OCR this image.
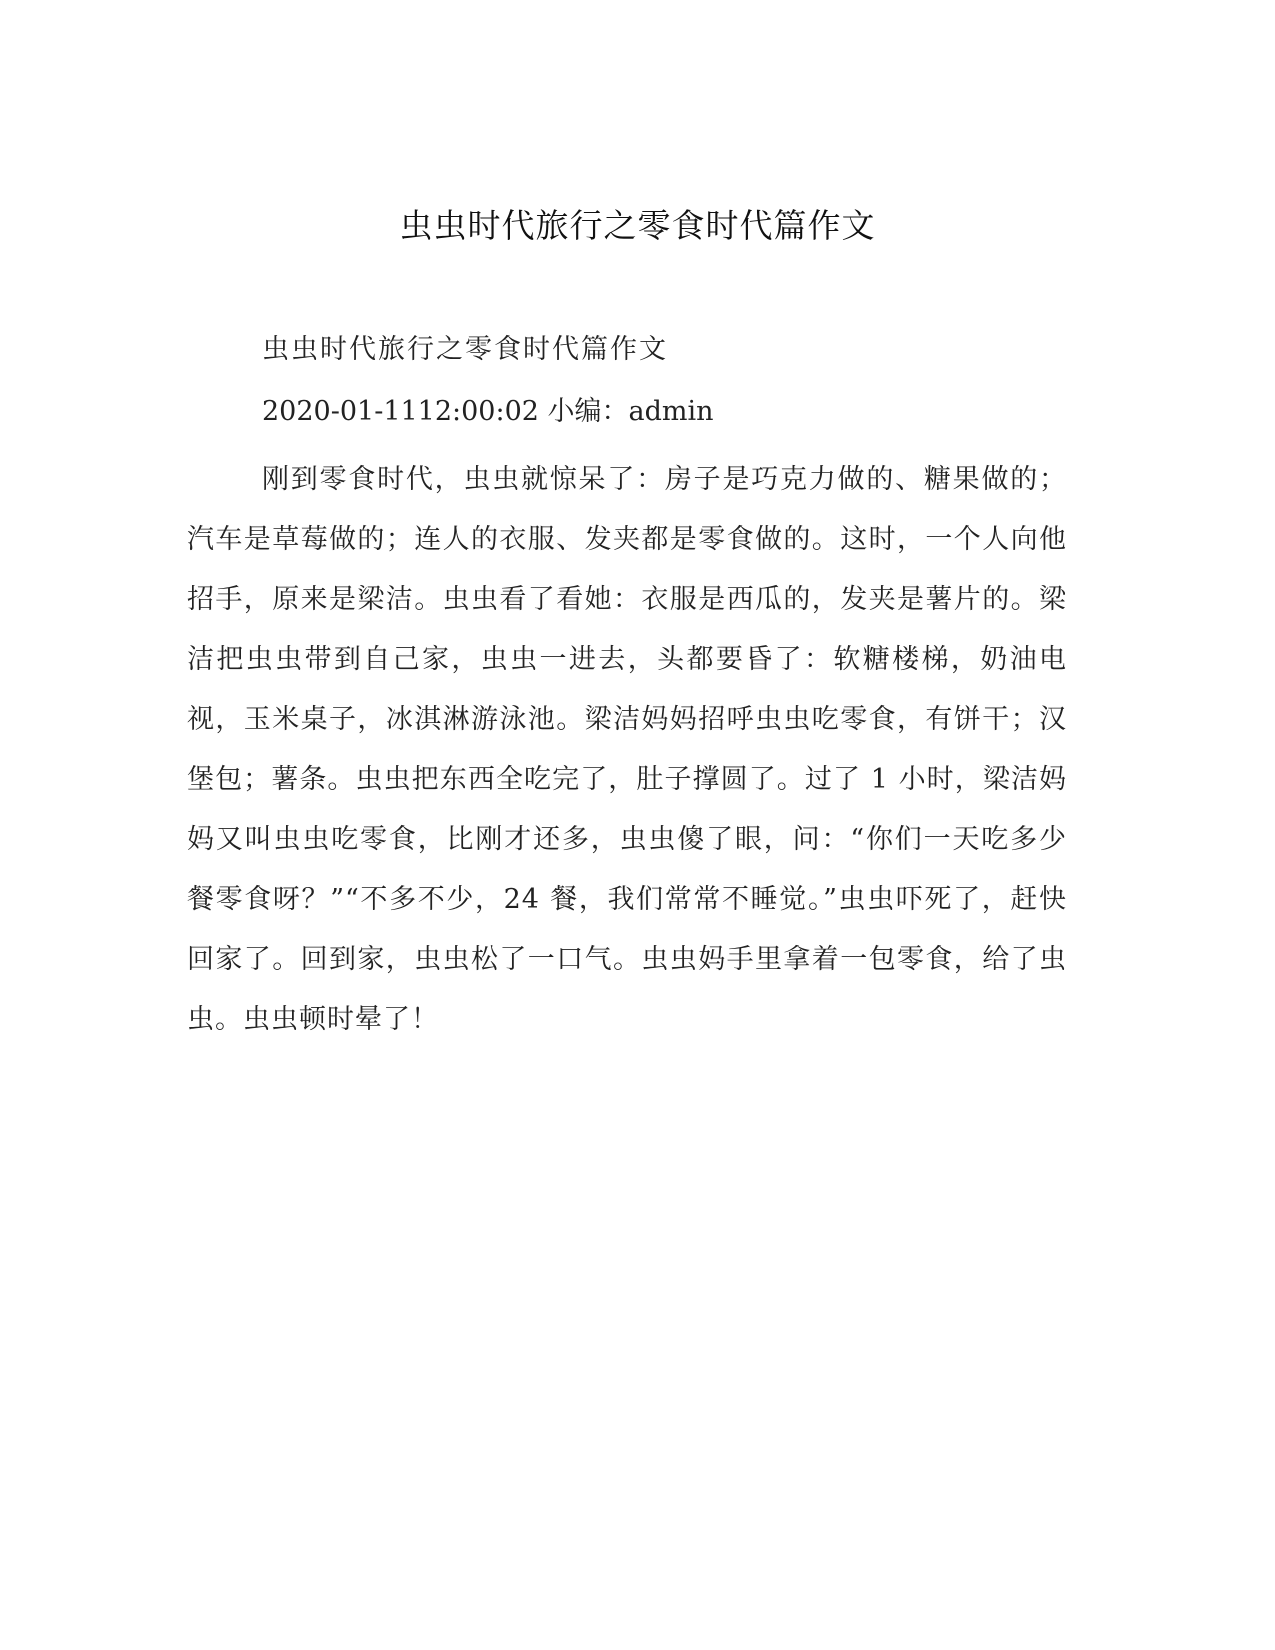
虫虫时代旅行之零食时代篇作文
虫虫时代旅行之零食时代篇作文
2020-01-1112:00:02 小编：admin

刚到零食时代，虫虫就惊呆了：房子是巧克力做的、糖果做的；汽车是草莓做的；连人的衣服、发夹都是零食做的。这时，一个人向他招手，原来是梁洁。虫虫看了看她：衣服是西瓜的，发夹是薯片的。梁洁把虫虫带到自己家，虫虫一进去，头都要昏了：软糖楼梯，奶油电视，玉米桌子，冰淇淋游泳池。梁洁妈妈招呼虫虫吃零食，有饼干；汉堡包；薯条。虫虫把东西全吃完了，肚子撑圆了。过了 1 小时，梁洁妈妈又叫虫虫吃零食，比刚才还多，虫虫傻了眼，问：“你们一天吃多少餐零食呀？”“不多不少，24 餐，我们常常不睡觉。”虫虫吓死了，赶快回家了。回到家，虫虫松了一口气。虫虫妈手里拿着一包零食，给了虫虫。虫虫顿时晕了！
